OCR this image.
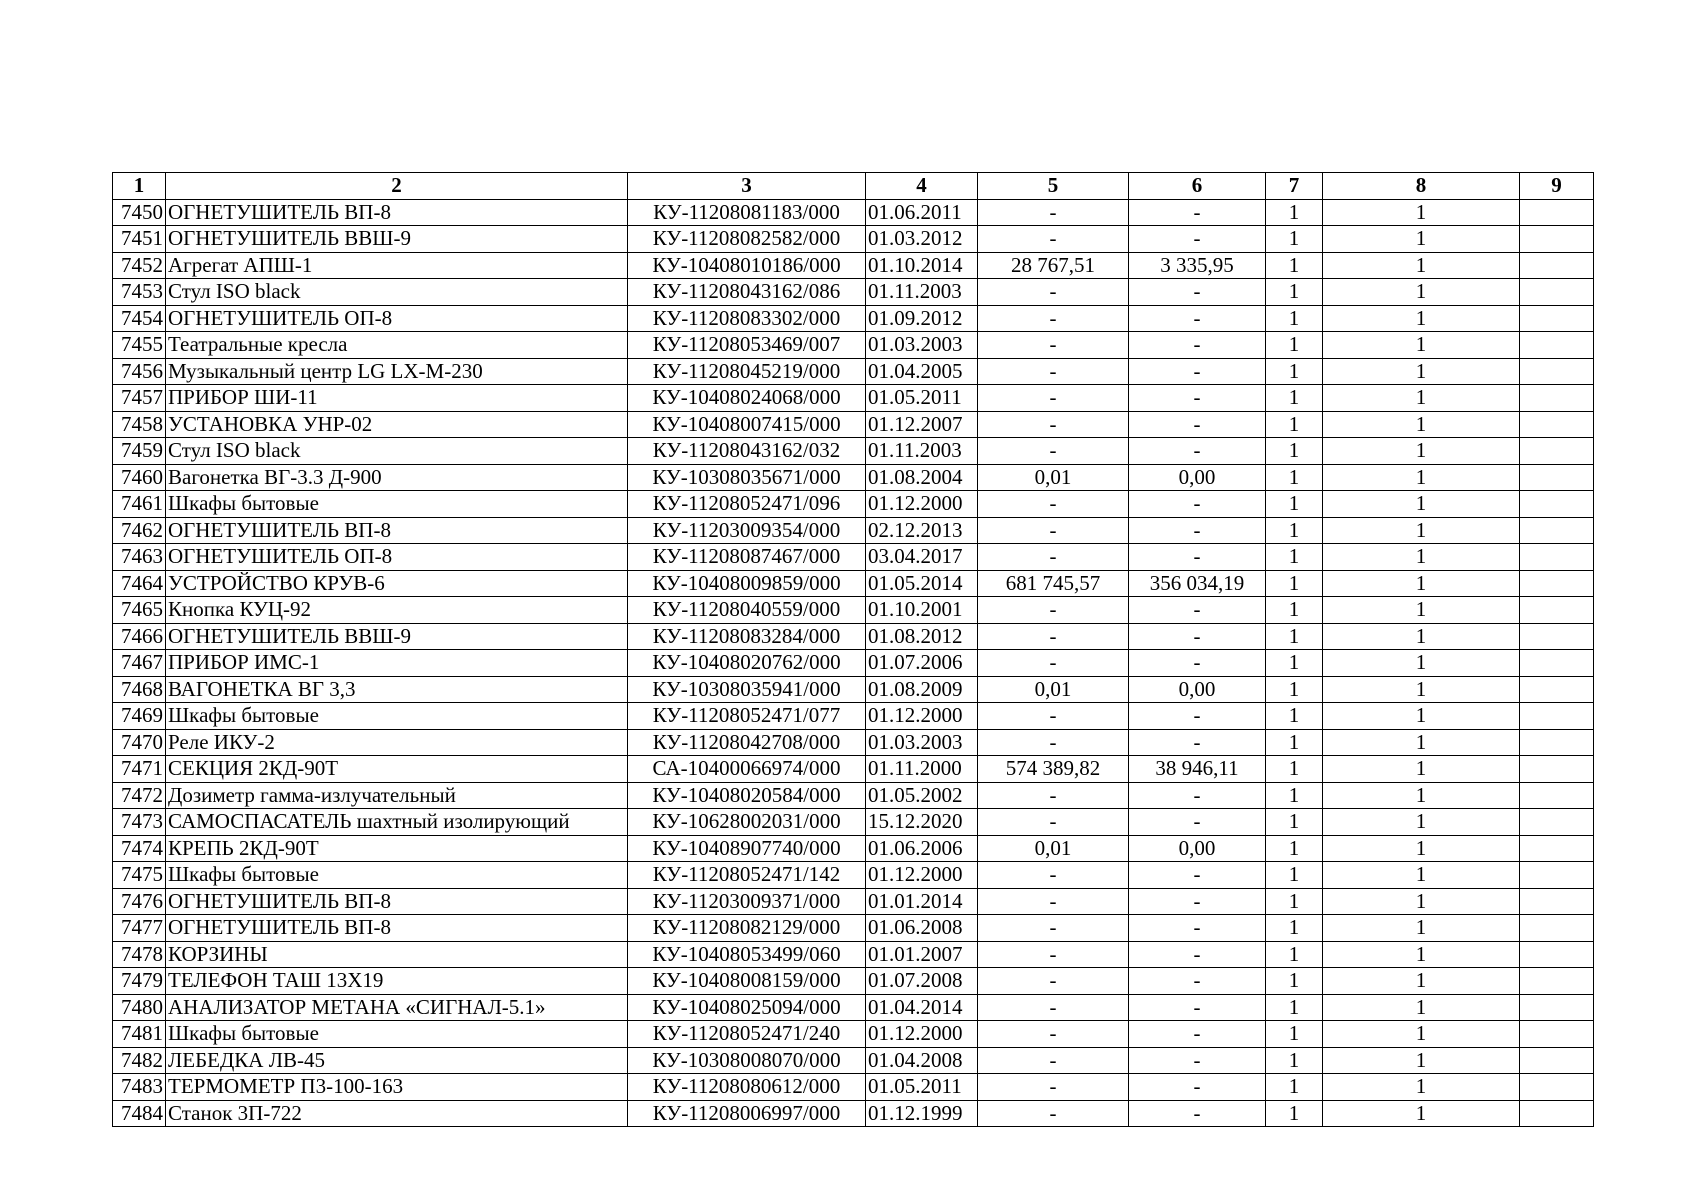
1	2	3	4	5	6	7	8	9
7450	ОГНЕТУШИТЕЛЬ ВП-8	КУ-11208081183/000	01.06.2011	-	-	1	1	
7451	ОГНЕТУШИТЕЛЬ ВВШ-9	КУ-11208082582/000	01.03.2012	-	-	1	1	
7452	Агрегат АПШ-1	КУ-10408010186/000	01.10.2014	28 767,51	3 335,95	1	1	
7453	Стул ISO black	КУ-11208043162/086	01.11.2003	-	-	1	1	
7454	ОГНЕТУШИТЕЛЬ ОП-8	КУ-11208083302/000	01.09.2012	-	-	1	1	
7455	Театральные кресла	КУ-11208053469/007	01.03.2003	-	-	1	1	
7456	Музыкальный центр LG LX-M-230	КУ-11208045219/000	01.04.2005	-	-	1	1	
7457	ПРИБОР ШИ-11	КУ-10408024068/000	01.05.2011	-	-	1	1	
7458	УСТАНОВКА УНР-02	КУ-10408007415/000	01.12.2007	-	-	1	1	
7459	Стул ISO black	КУ-11208043162/032	01.11.2003	-	-	1	1	
7460	Вагонетка ВГ-3.3 Д-900	КУ-10308035671/000	01.08.2004	0,01	0,00	1	1	
7461	Шкафы бытовые	КУ-11208052471/096	01.12.2000	-	-	1	1	
7462	ОГНЕТУШИТЕЛЬ ВП-8	КУ-11203009354/000	02.12.2013	-	-	1	1	
7463	ОГНЕТУШИТЕЛЬ ОП-8	КУ-11208087467/000	03.04.2017	-	-	1	1	
7464	УСТРОЙСТВО КРУВ-6	КУ-10408009859/000	01.05.2014	681 745,57	356 034,19	1	1	
7465	Кнопка КУЦ-92	КУ-11208040559/000	01.10.2001	-	-	1	1	
7466	ОГНЕТУШИТЕЛЬ ВВШ-9	КУ-11208083284/000	01.08.2012	-	-	1	1	
7467	ПРИБОР ИМС-1	КУ-10408020762/000	01.07.2006	-	-	1	1	
7468	ВАГОНЕТКА ВГ 3,3	КУ-10308035941/000	01.08.2009	0,01	0,00	1	1	
7469	Шкафы бытовые	КУ-11208052471/077	01.12.2000	-	-	1	1	
7470	Реле ИКУ-2	КУ-11208042708/000	01.03.2003	-	-	1	1	
7471	СЕКЦИЯ 2КД-90Т	СА-10400066974/000	01.11.2000	574 389,82	38 946,11	1	1	
7472	Дозиметр гамма-излучательный	КУ-10408020584/000	01.05.2002	-	-	1	1	
7473	САМОСПАСАТЕЛЬ шахтный изолирующий	КУ-10628002031/000	15.12.2020	-	-	1	1	
7474	КРЕПЬ 2КД-90Т	КУ-10408907740/000	01.06.2006	0,01	0,00	1	1	
7475	Шкафы бытовые	КУ-11208052471/142	01.12.2000	-	-	1	1	
7476	ОГНЕТУШИТЕЛЬ ВП-8	КУ-11203009371/000	01.01.2014	-	-	1	1	
7477	ОГНЕТУШИТЕЛЬ ВП-8	КУ-11208082129/000	01.06.2008	-	-	1	1	
7478	КОРЗИНЫ	КУ-10408053499/060	01.01.2007	-	-	1	1	
7479	ТЕЛЕФОН ТАШ 13Х19	КУ-10408008159/000	01.07.2008	-	-	1	1	
7480	АНАЛИЗАТОР МЕТАНА «СИГНАЛ-5.1»	КУ-10408025094/000	01.04.2014	-	-	1	1	
7481	Шкафы бытовые	КУ-11208052471/240	01.12.2000	-	-	1	1	
7482	ЛЕБЕДКА ЛВ-45	КУ-10308008070/000	01.04.2008	-	-	1	1	
7483	ТЕРМОМЕТР П3-100-163	КУ-11208080612/000	01.05.2011	-	-	1	1	
7484	Станок 3П-722	КУ-11208006997/000	01.12.1999	-	-	1	1	
